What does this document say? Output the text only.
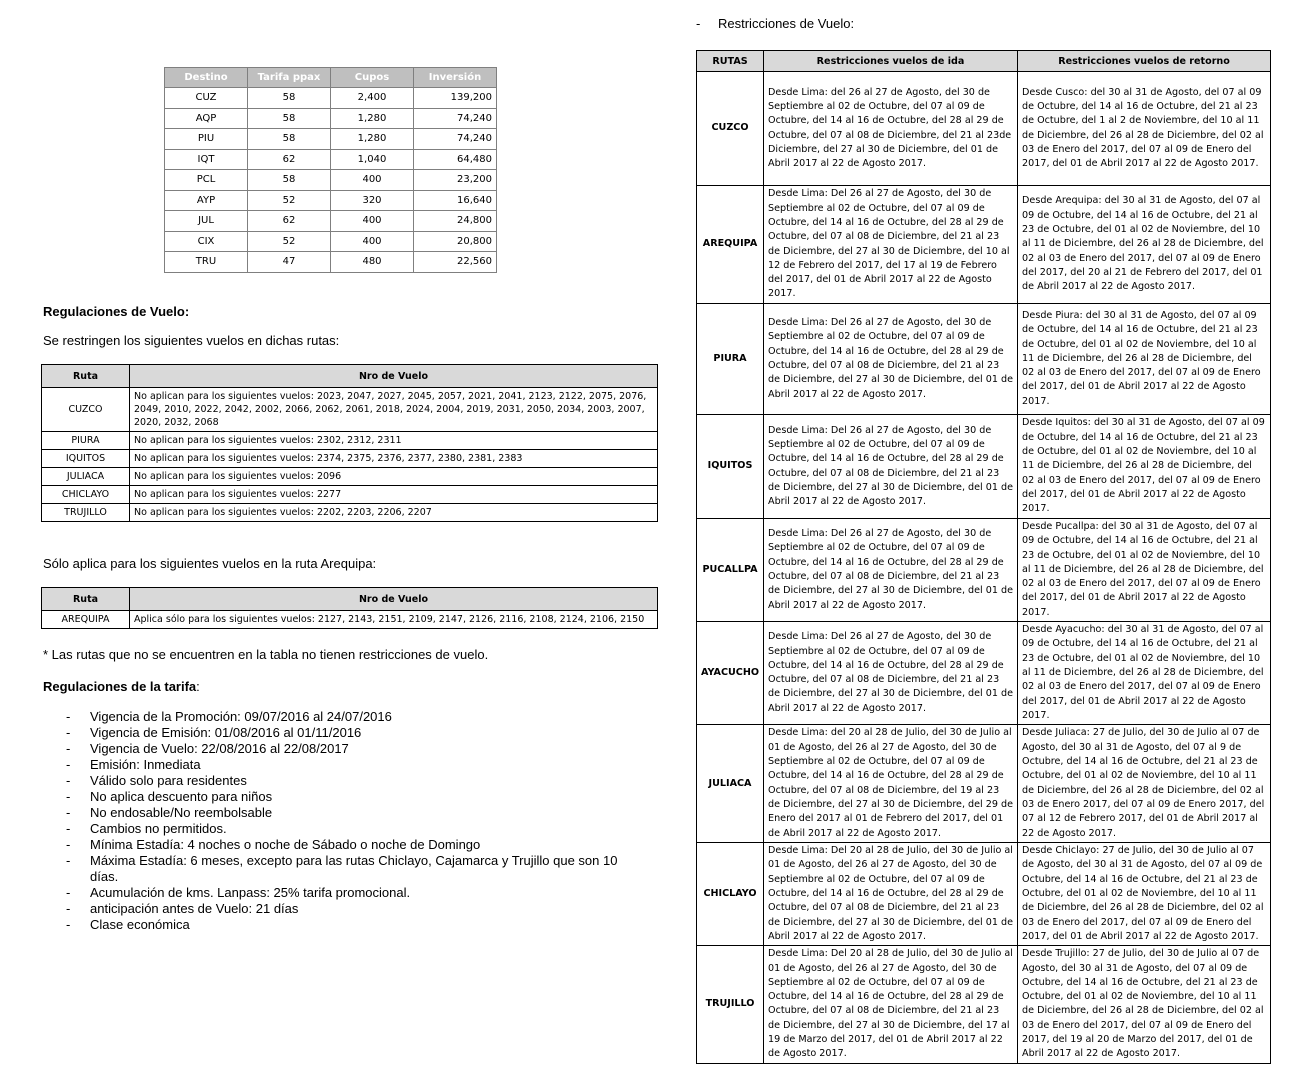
Destino	Tarifa ppax	Cupos	Inversión
CUZ	58	2,400	139,200
AQP	58	1,280	74,240
PIU	58	1,280	74,240
IQT	62	1,040	64,480
PCL	58	400	23,200
AYP	52	320	16,640
JUL	62	400	24,800
CIX	52	400	20,800
TRU	47	480	22,560
Regulaciones de Vuelo:
Se restringen los siguientes vuelos en dichas rutas:
Ruta	Nro de Vuelo
CUZCO	No aplican para los siguientes vuelos: 2023, 2047, 2027, 2045, 2057, 2021, 2041, 2123, 2122, 2075, 2076, 2049, 2010, 2022, 2042, 2002, 2066, 2062, 2061, 2018, 2024, 2004, 2019, 2031, 2050, 2034, 2003, 2007, 2020, 2032, 2068
PIURA	No aplican para los siguientes vuelos: 2302, 2312, 2311
IQUITOS	No aplican para los siguientes vuelos: 2374, 2375, 2376, 2377, 2380, 2381, 2383
JULIACA	No aplican para los siguientes vuelos: 2096
CHICLAYO	No aplican para los siguientes vuelos: 2277
TRUJILLO	No aplican para los siguientes vuelos: 2202, 2203, 2206, 2207
Sólo aplica para los siguientes vuelos en la ruta Arequipa:
Ruta	Nro de Vuelo
AREQUIPA	Aplica sólo para los siguientes vuelos: 2127, 2143, 2151, 2109, 2147, 2126, 2116, 2108, 2124, 2106, 2150
* Las rutas que no se encuentren en la tabla no tienen restricciones de vuelo.
Regulaciones de la tarifa:
- Vigencia de la Promoción: 09/07/2016 al 24/07/2016
- Vigencia de Emisión: 01/08/2016 al 01/11/2016
- Vigencia de Vuelo: 22/08/2016 al 22/08/2017
- Emisión: Inmediata
- Válido solo para residentes
- No aplica descuento para niños
- No endosable/No reembolsable
- Cambios no permitidos.
- Mínima Estadía: 4 noches o noche de Sábado o noche de Domingo
- Máxima Estadía: 6 meses, excepto para las rutas Chiclayo, Cajamarca y Trujillo que son 10 días.
- Acumulación de kms. Lanpass: 25% tarifa promocional.
- anticipación antes de Vuelo: 21 días
- Clase económica
- Restricciones de Vuelo:
RUTAS	Restricciones vuelos de ida	Restricciones vuelos de retorno
CUZCO	Desde Lima: del 26 al 27 de Agosto, del 30 de Septiembre al 02 de Octubre, del 07 al 09 de Octubre, del 14 al 16 de Octubre, del 28 al 29 de Octubre, del 07 al 08 de Diciembre, del 21 al 23de Diciembre, del 27 al 30 de Diciembre, del 01 de Abril 2017 al 22 de Agosto 2017.	Desde Cusco: del 30 al 31 de Agosto, del 07 al 09 de Octubre, del 14 al 16 de Octubre, del 21 al 23 de Octubre, del 1 al 2 de Noviembre, del 10 al 11 de Diciembre, del 26 al 28 de Diciembre, del 02 al 03 de Enero del 2017, del 07 al 09 de Enero del 2017, del 01 de Abril 2017 al 22 de Agosto 2017.
AREQUIPA	Desde Lima: Del 26 al 27 de Agosto, del 30 de Septiembre al 02 de Octubre, del 07 al 09 de Octubre, del 14 al 16 de Octubre, del 28 al 29 de Octubre, del 07 al 08 de Diciembre, del 21 al 23 de Diciembre, del 27 al 30 de Diciembre, del 10 al 12 de Febrero del 2017, del 17 al 19 de Febrero del 2017, del 01 de Abril 2017 al 22 de Agosto 2017.	Desde Arequipa: del 30 al 31 de Agosto, del 07 al 09 de Octubre, del 14 al 16 de Octubre, del 21 al 23 de Octubre, del 01 al 02 de Noviembre, del 10 al 11 de Diciembre, del 26 al 28 de Diciembre, del 02 al 03 de Enero del 2017, del 07 al 09 de Enero del 2017, del 20 al 21 de Febrero del 2017, del 01 de Abril 2017 al 22 de Agosto 2017.
PIURA	Desde Lima: Del 26 al 27 de Agosto, del 30 de Septiembre al 02 de Octubre, del 07 al 09 de Octubre, del 14 al 16 de Octubre, del 28 al 29 de Octubre, del 07 al 08 de Diciembre, del 21 al 23 de Diciembre, del 27 al 30 de Diciembre, del 01 de Abril 2017 al 22 de Agosto 2017.	Desde Piura: del 30 al 31 de Agosto, del 07 al 09 de Octubre, del 14 al 16 de Octubre, del 21 al 23 de Octubre, del 01 al 02 de Noviembre, del 10 al 11 de Diciembre, del 26 al 28 de Diciembre, del 02 al 03 de Enero del 2017, del 07 al 09 de Enero del 2017, del 01 de Abril 2017 al 22 de Agosto 2017.
IQUITOS	Desde Lima: Del 26 al 27 de Agosto, del 30 de Septiembre al 02 de Octubre, del 07 al 09 de Octubre, del 14 al 16 de Octubre, del 28 al 29 de Octubre, del 07 al 08 de Diciembre, del 21 al 23 de Diciembre, del 27 al 30 de Diciembre, del 01 de Abril 2017 al 22 de Agosto 2017.	Desde Iquitos: del 30 al 31 de Agosto, del 07 al 09 de Octubre, del 14 al 16 de Octubre, del 21 al 23 de Octubre, del 01 al 02 de Noviembre, del 10 al 11 de Diciembre, del 26 al 28 de Diciembre, del 02 al 03 de Enero del 2017, del 07 al 09 de Enero del 2017, del 01 de Abril 2017 al 22 de Agosto 2017.
PUCALLPA	Desde Lima: Del 26 al 27 de Agosto, del 30 de Septiembre al 02 de Octubre, del 07 al 09 de Octubre, del 14 al 16 de Octubre, del 28 al 29 de Octubre, del 07 al 08 de Diciembre, del 21 al 23 de Diciembre, del 27 al 30 de Diciembre, del 01 de Abril 2017 al 22 de Agosto 2017.	Desde Pucallpa: del 30 al 31 de Agosto, del 07 al 09 de Octubre, del 14 al 16 de Octubre, del 21 al 23 de Octubre, del 01 al 02 de Noviembre, del 10 al 11 de Diciembre, del 26 al 28 de Diciembre, del 02 al 03 de Enero del 2017, del 07 al 09 de Enero del 2017, del 01 de Abril 2017 al 22 de Agosto 2017.
AYACUCHO	Desde Lima: Del 26 al 27 de Agosto, del 30 de Septiembre al 02 de Octubre, del 07 al 09 de Octubre, del 14 al 16 de Octubre, del 28 al 29 de Octubre, del 07 al 08 de Diciembre, del 21 al 23 de Diciembre, del 27 al 30 de Diciembre, del 01 de Abril 2017 al 22 de Agosto 2017.	Desde Ayacucho: del 30 al 31 de Agosto, del 07 al 09 de Octubre, del 14 al 16 de Octubre, del 21 al 23 de Octubre, del 01 al 02 de Noviembre, del 10 al 11 de Diciembre, del 26 al 28 de Diciembre, del 02 al 03 de Enero del 2017, del 07 al 09 de Enero del 2017, del 01 de Abril 2017 al 22 de Agosto 2017.
JULIACA	Desde Lima: del 20 al 28 de Julio, del 30 de Julio al 01 de Agosto, del 26 al 27 de Agosto, del 30 de Septiembre al 02 de Octubre, del 07 al 09 de Octubre, del 14 al 16 de Octubre, del 28 al 29 de Octubre, del 07 al 08 de Diciembre, del 19 al 23 de Diciembre, del 27 al 30 de Diciembre, del 29 de Enero del 2017 al 01 de Febrero del 2017, del 01 de Abril 2017 al 22 de Agosto 2017.	Desde Juliaca: 27 de Julio, del 30 de Julio al 07 de Agosto, del 30 al 31 de Agosto, del 07 al 9 de Octubre, del 14 al 16 de Octubre, del 21 al 23 de Octubre, del 01 al 02 de Noviembre, del 10 al 11 de Diciembre, del 26 al 28 de Diciembre, del 02 al 03 de Enero 2017, del 07 al 09 de Enero 2017, del 07 al 12 de Febrero 2017, del 01 de Abril 2017 al 22 de Agosto 2017.
CHICLAYO	Desde Lima: Del 20 al 28 de Julio, del 30 de Julio al 01 de Agosto, del 26 al 27 de Agosto, del 30 de Septiembre al 02 de Octubre, del 07 al 09 de Octubre, del 14 al 16 de Octubre, del 28 al 29 de Octubre, del 07 al 08 de Diciembre, del 21 al 23 de Diciembre, del 27 al 30 de Diciembre, del 01 de Abril 2017 al 22 de Agosto 2017.	Desde Chiclayo: 27 de Julio, del 30 de Julio al 07 de Agosto, del 30 al 31 de Agosto, del 07 al 09 de Octubre, del 14 al 16 de Octubre, del 21 al 23 de Octubre, del 01 al 02 de Noviembre, del 10 al 11 de Diciembre, del 26 al 28 de Diciembre, del 02 al 03 de Enero del 2017, del 07 al 09 de Enero del 2017, del 01 de Abril 2017 al 22 de Agosto 2017.
TRUJILLO	Desde Lima: Del 20 al 28 de Julio, del 30 de Julio al 01 de Agosto, del 26 al 27 de Agosto, del 30 de Septiembre al 02 de Octubre, del 07 al 09 de Octubre, del 14 al 16 de Octubre, del 28 al 29 de Octubre, del 07 al 08 de Diciembre, del 21 al 23 de Diciembre, del 27 al 30 de Diciembre, del 17 al 19 de Marzo del 2017, del 01 de Abril 2017 al 22 de Agosto 2017.	Desde Trujillo: 27 de Julio, del 30 de Julio al 07 de Agosto, del 30 al 31 de Agosto, del 07 al 09 de Octubre, del 14 al 16 de Octubre, del 21 al 23 de Octubre, del 01 al 02 de Noviembre, del 10 al 11 de Diciembre, del 26 al 28 de Diciembre, del 02 al 03 de Enero del 2017, del 07 al 09 de Enero del 2017, del 19 al 20 de Marzo del 2017, del 01 de Abril 2017 al 22 de Agosto 2017.
